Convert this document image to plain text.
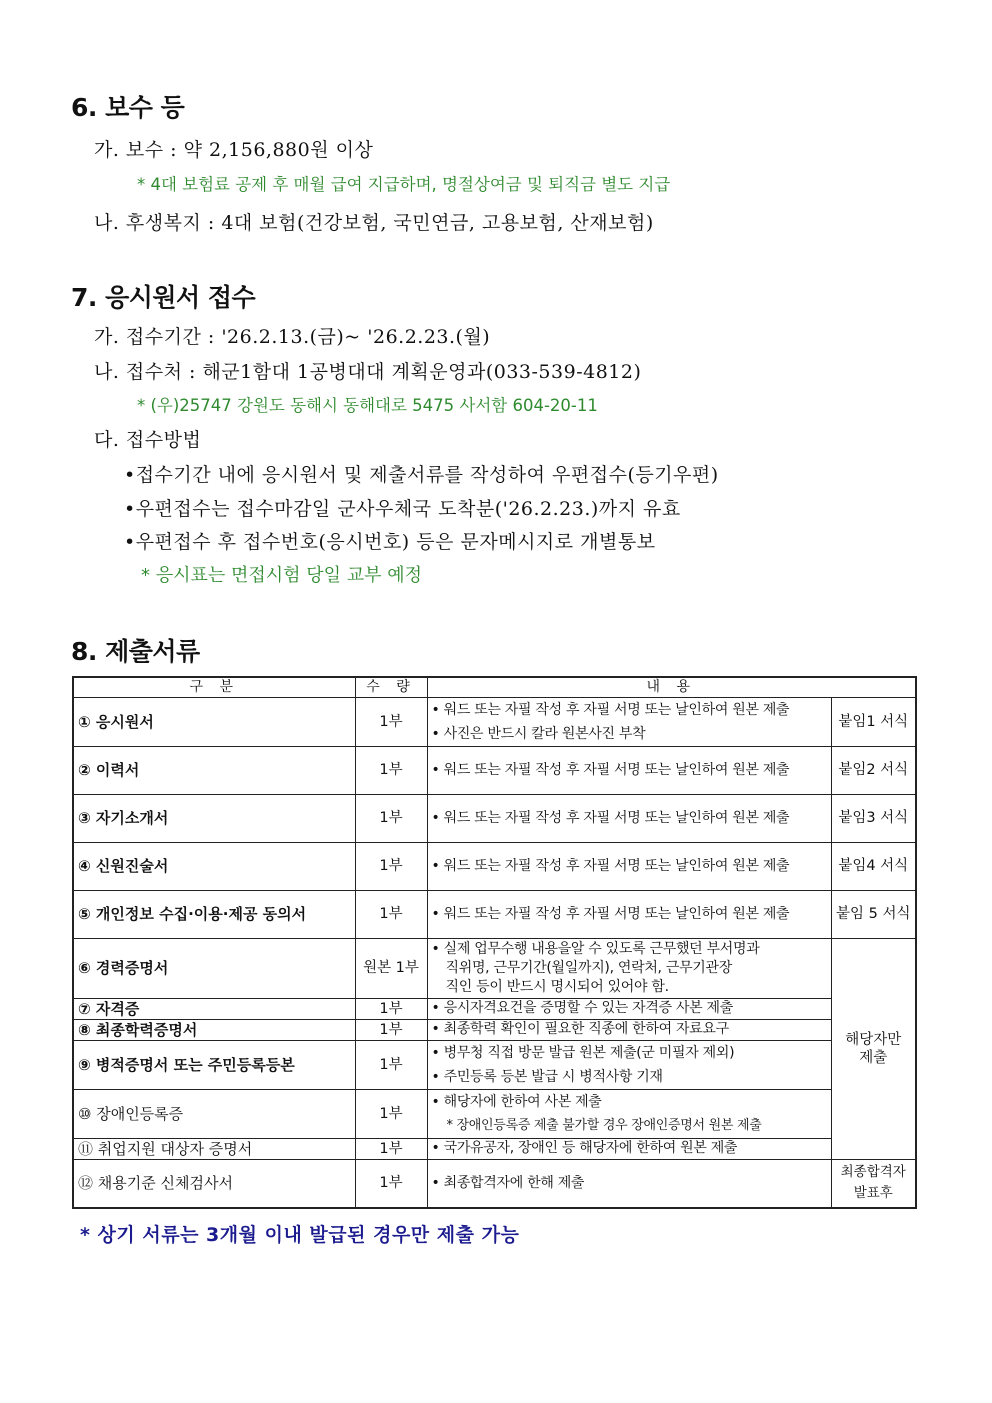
6. 보수 등
가. 보수 : 약 2,156,880원 이상
* 4대 보험료 공제 후 매월 급여 지급하며, 명절상여금 및 퇴직금 별도 지급
나. 후생복지 : 4대 보험(건강보험, 국민연금, 고용보험, 산재보험)
7. 응시원서 접수
가. 접수기간 : '26.2.13.(금)~ '26.2.23.(월)
나. 접수처 : 해군1함대 1공병대대 계획운영과(033-539-4812)
* (우)25747 강원도 동해시 동해대로 5475 사서함 604-20-11
다. 접수방법
•접수기간 내에 응시원서 및 제출서류를 작성하여 우편접수(등기우편)
•우편접수는 접수마감일 군사우체국 도착분('26.2.23.)까지 유효
•우편접수 후 접수번호(응시번호) 등은 문자메시지로 개별통보
* 응시표는 면접시험 당일 교부 예정
8. 제출서류
구 분	수 량	내 용	
① 응시원서	1부	• 워드 또는 자필 작성 후 자필 서명 또는 날인하여 원본 제출
• 사진은 반드시 칼라 원본사진 부착	붙임1 서식
② 이력서	1부	• 워드 또는 자필 작성 후 자필 서명 또는 날인하여 원본 제출	붙임2 서식
③ 자기소개서	1부	• 워드 또는 자필 작성 후 자필 서명 또는 날인하여 원본 제출	붙임3 서식
④ 신원진술서	1부	• 워드 또는 자필 작성 후 자필 서명 또는 날인하여 원본 제출	붙임4 서식
⑤ 개인정보 수집·이용·제공 동의서	1부	• 워드 또는 자필 작성 후 자필 서명 또는 날인하여 원본 제출	붙임 5 서식
⑥ 경력증명서	원본 1부	• 실제 업무수행 내용을알 수 있도록 근무했던 부서명과
직위명, 근무기간(월일까지), 연락처, 근무기관장
직인 등이 반드시 명시되어 있어야 함.	해당자만 제출
⑦ 자격증	1부	• 응시자격요건을 증명할 수 있는 자격증 사본 제출	

⑧ 최종학력증명서	1부	• 최종학력 확인이 필요한 직종에 한하여 자료요구	

⑨ 병적증명서 또는 주민등록등본	1부	• 병무청 직접 방문 발급 원본 제출(군 미필자 제외)
• 주민등록 등본 발급 시 병적사항 기재	

⑩ 장애인등록증	1부	• 해당자에 한하여 사본 제출
* 장애인등록증 제출 불가할 경우 장애인증명서 원본 제출	

⑪ 취업지원 대상자 증명서	1부	• 국가유공자, 장애인 등 해당자에 한하여 원본 제출	

⑫ 채용기준 신체검사서	1부	• 최종합격자에 한해 제출	최종합격자 발표후
* 상기 서류는 3개월 이내 발급된 경우만 제출 가능
